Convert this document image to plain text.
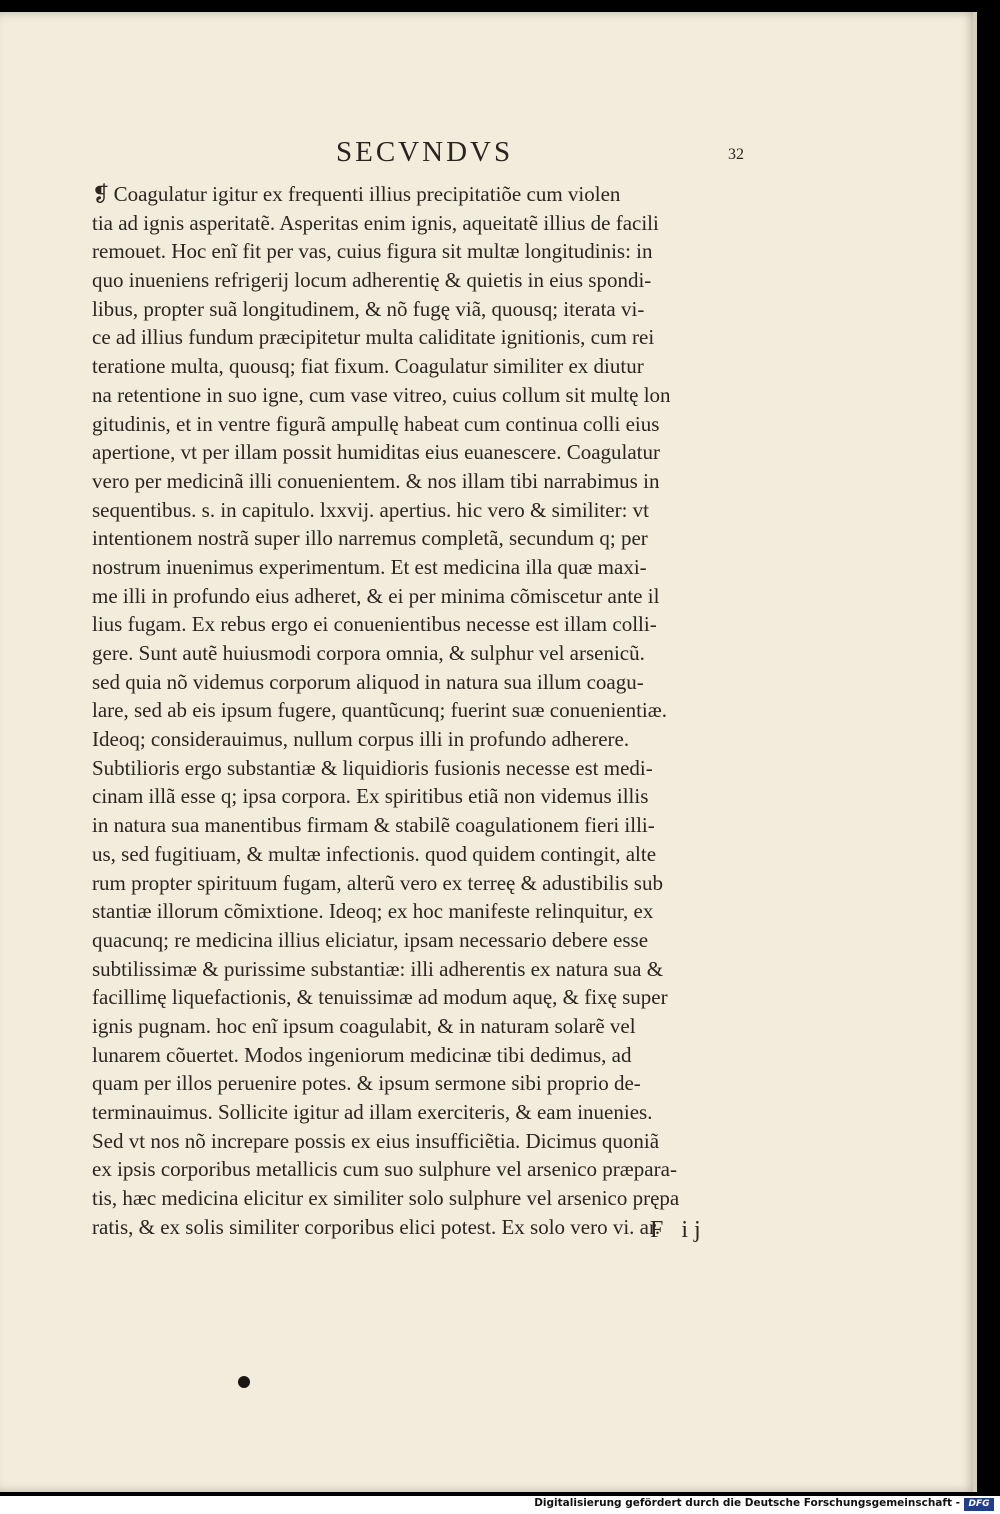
SECVNDVS	32
❡ Coagulatur igitur ex frequenti illius precipitatiõe cum violen
tia ad ignis asperitatẽ. Asperitas enim ignis, aqueitatẽ illius de facili
remouet. Hoc enĩ fit per vas, cuius figura sit multæ longitudinis: in
quo inueniens refrigerij locum adherentię & quietis in eius spondi-
libus, propter suã longitudinem, & nõ fugę viã, quousq; iterata vi-
ce ad illius fundum præcipitetur multa caliditate ignitionis, cum rei
teratione multa, quousq; fiat fixum. Coagulatur similiter ex diutur
na retentione in suo igne, cum vase vitreo, cuius collum sit multę lon
gitudinis, et in ventre figurã ampullę habeat cum continua colli eius
apertione, vt per illam possit humiditas eius euanescere. Coagulatur
vero per medicinã illi conuenientem. & nos illam tibi narrabimus in
sequentibus. s. in capitulo. lxxvij. apertius. hic vero & similiter: vt
intentionem nostrã super illo narremus completã, secundum q; per
nostrum inuenimus experimentum. Et est medicina illa quæ maxi-
me illi in profundo eius adheret, & ei per minima cõmiscetur ante il
lius fugam. Ex rebus ergo ei conuenientibus necesse est illam colli-
gere. Sunt autẽ huiusmodi corpora omnia, & sulphur vel arsenicũ.
sed quia nõ videmus corporum aliquod in natura sua illum coagu-
lare, sed ab eis ipsum fugere, quantũcunq; fuerint suæ conuenientiæ.
Ideoq; considerauimus, nullum corpus illi in profundo adherere.
Subtilioris ergo substantiæ & liquidioris fusionis necesse est medi-
cinam illã esse q; ipsa corpora. Ex spiritibus etiã non videmus illis
in natura sua manentibus firmam & stabilẽ coagulationem fieri illi-
us, sed fugitiuam, & multæ infectionis. quod quidem contingit, alte
rum propter spirituum fugam, alterũ vero ex terreę & adustibilis sub
stantiæ illorum cõmixtione. Ideoq; ex hoc manifeste relinquitur, ex
quacunq; re medicina illius eliciatur, ipsam necessario debere esse
subtilissimæ & purissime substantiæ: illi adherentis ex natura sua &
facillimę liquefactionis, & tenuissimæ ad modum aquę, & fixę super
ignis pugnam. hoc enĩ ipsum coagulabit, & in naturam solarẽ vel
lunarem cõuertet. Modos ingeniorum medicinæ tibi dedimus, ad
quam per illos peruenire potes. & ipsum sermone sibi proprio de-
terminauimus. Sollicite igitur ad illam exerciteris, & eam inuenies.
Sed vt nos nõ increpare possis ex eius insufficiẽtia. Dicimus quoniã
ex ipsis corporibus metallicis cum suo sulphure vel arsenico præpara-
tis, hæc medicina elicitur ex similiter solo sulphure vel arsenico prępa
ratis, & ex solis similiter corporibus elici potest. Ex solo vero vi. ar.
F ij
Digitalisierung gefördert durch die Deutsche Forschungsgemeinschaft - DFG
